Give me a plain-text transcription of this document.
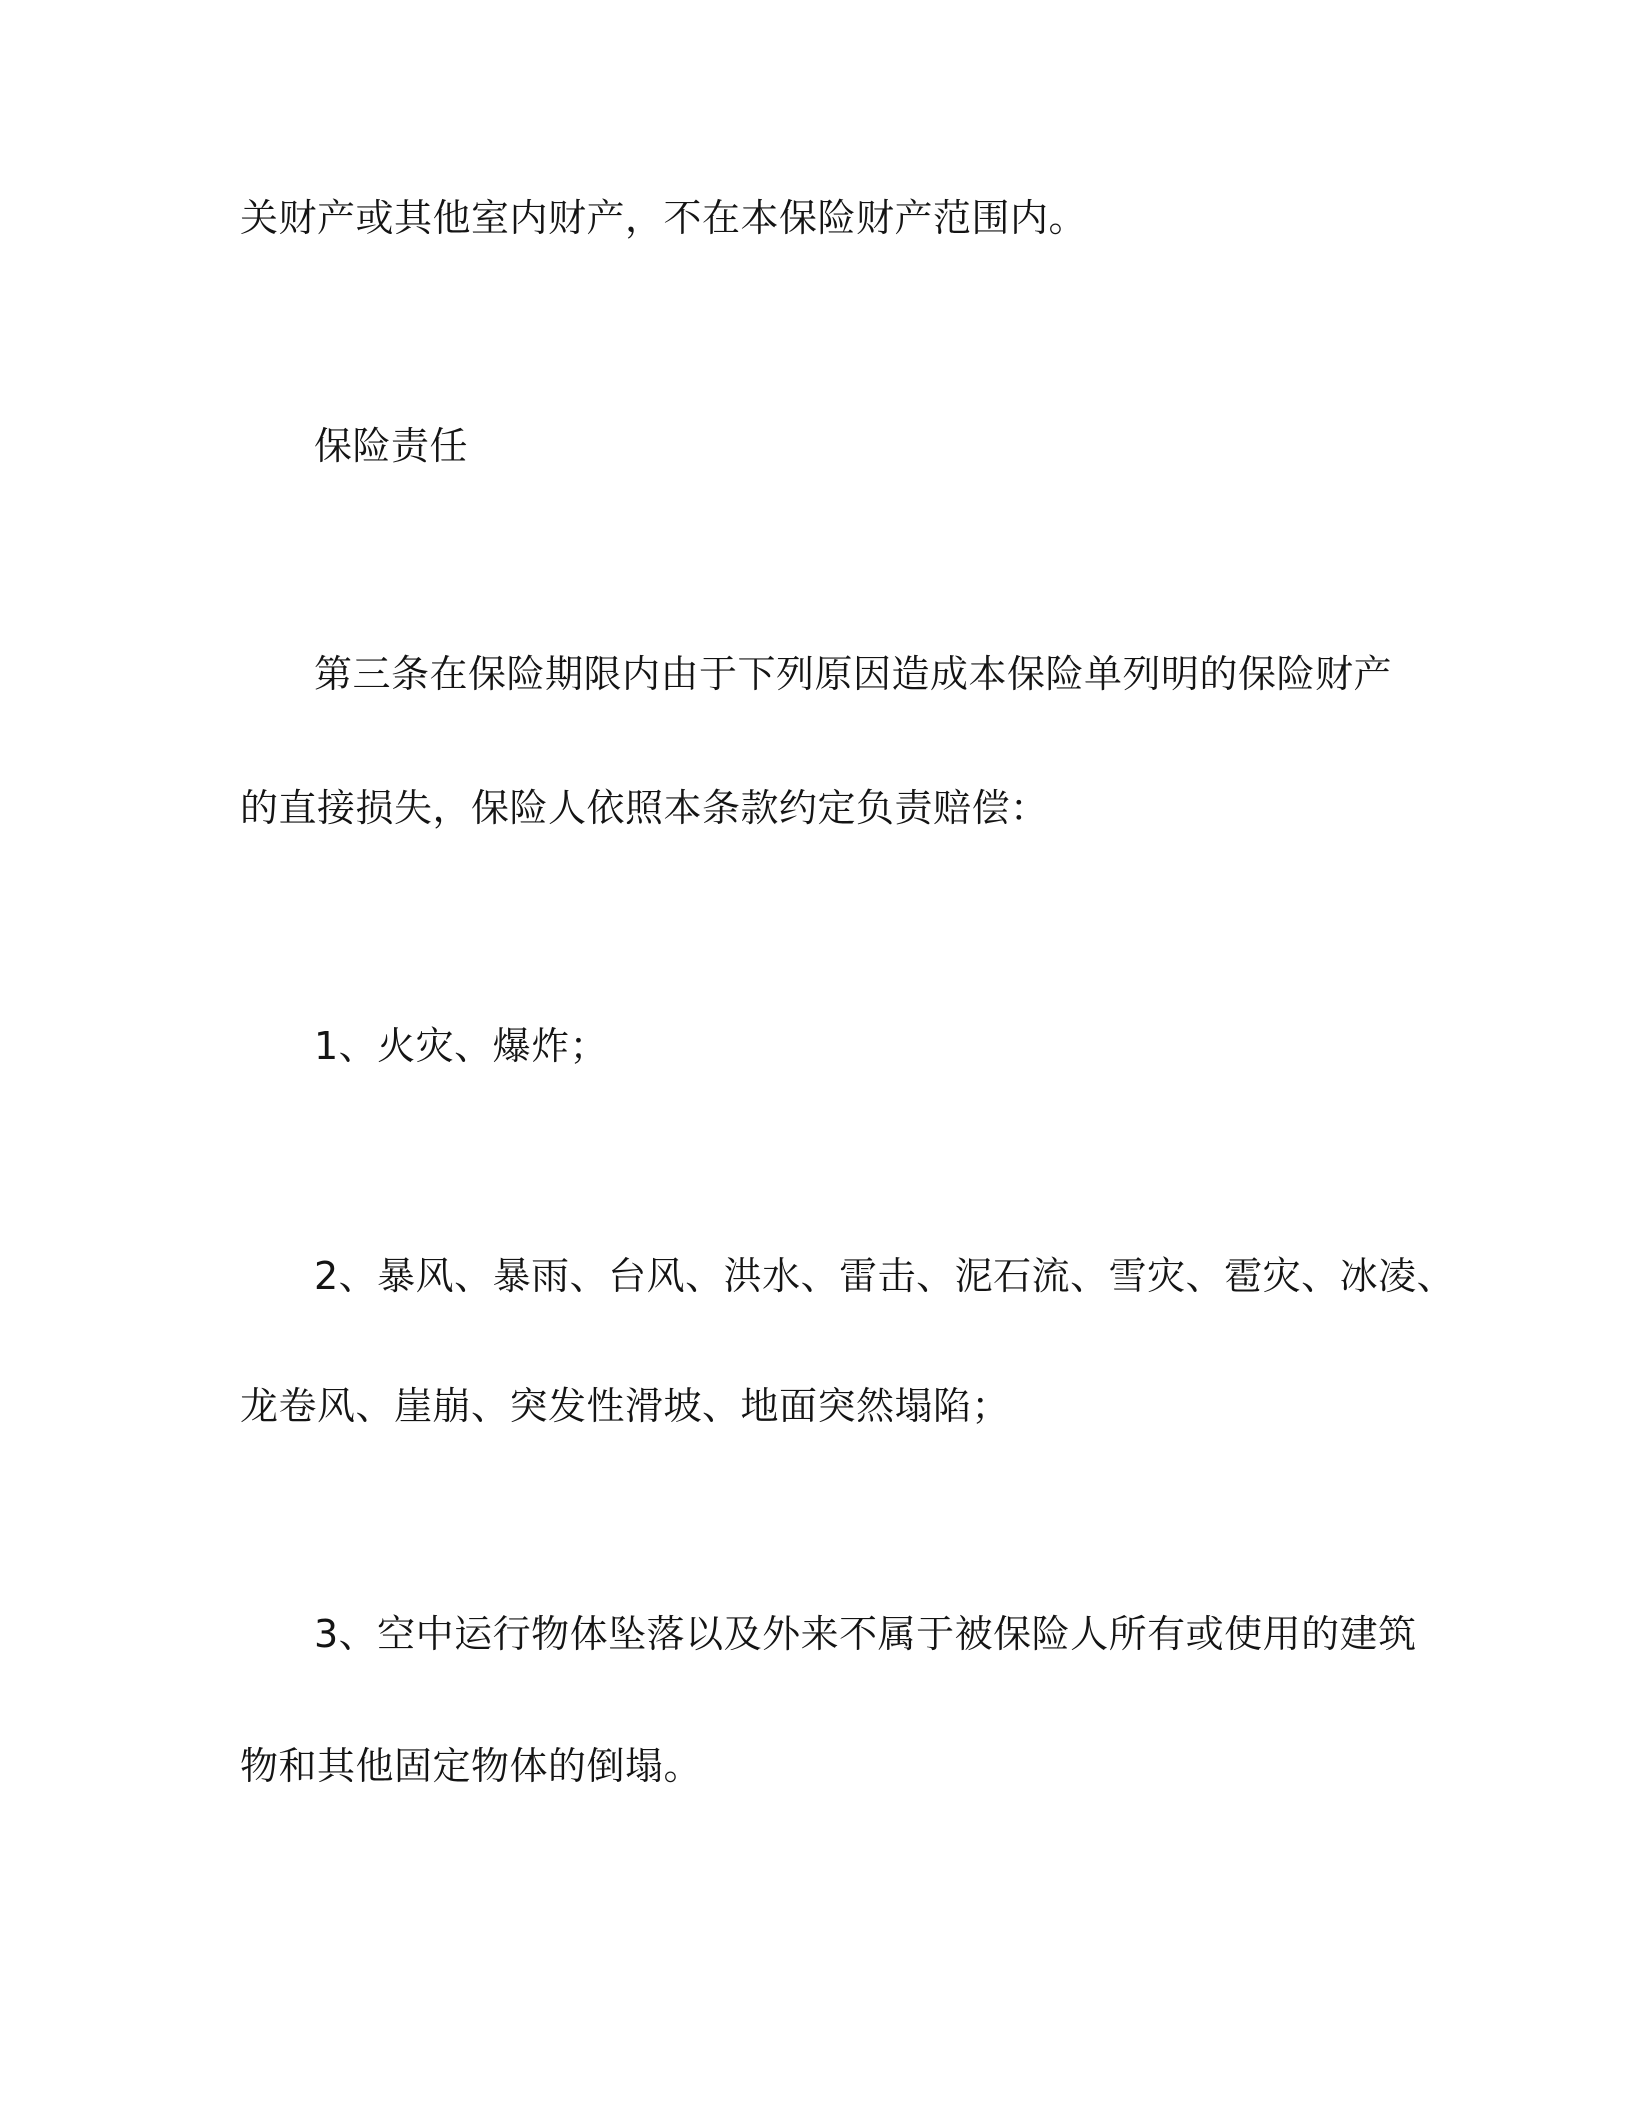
关财产或其他室内财产，不在本保险财产范围内。

保险责任

第三条在保险期限内由于下列原因造成本保险单列明的保险财产

的直接损失，保险人依照本条款约定负责赔偿：

1、火灾、爆炸；

2、暴风、暴雨、台风、洪水、雷击、泥石流、雪灾、雹灾、冰凌、

龙卷风、崖崩、突发性滑坡、地面突然塌陷；

3、空中运行物体坠落以及外来不属于被保险人所有或使用的建筑

物和其他固定物体的倒塌。
